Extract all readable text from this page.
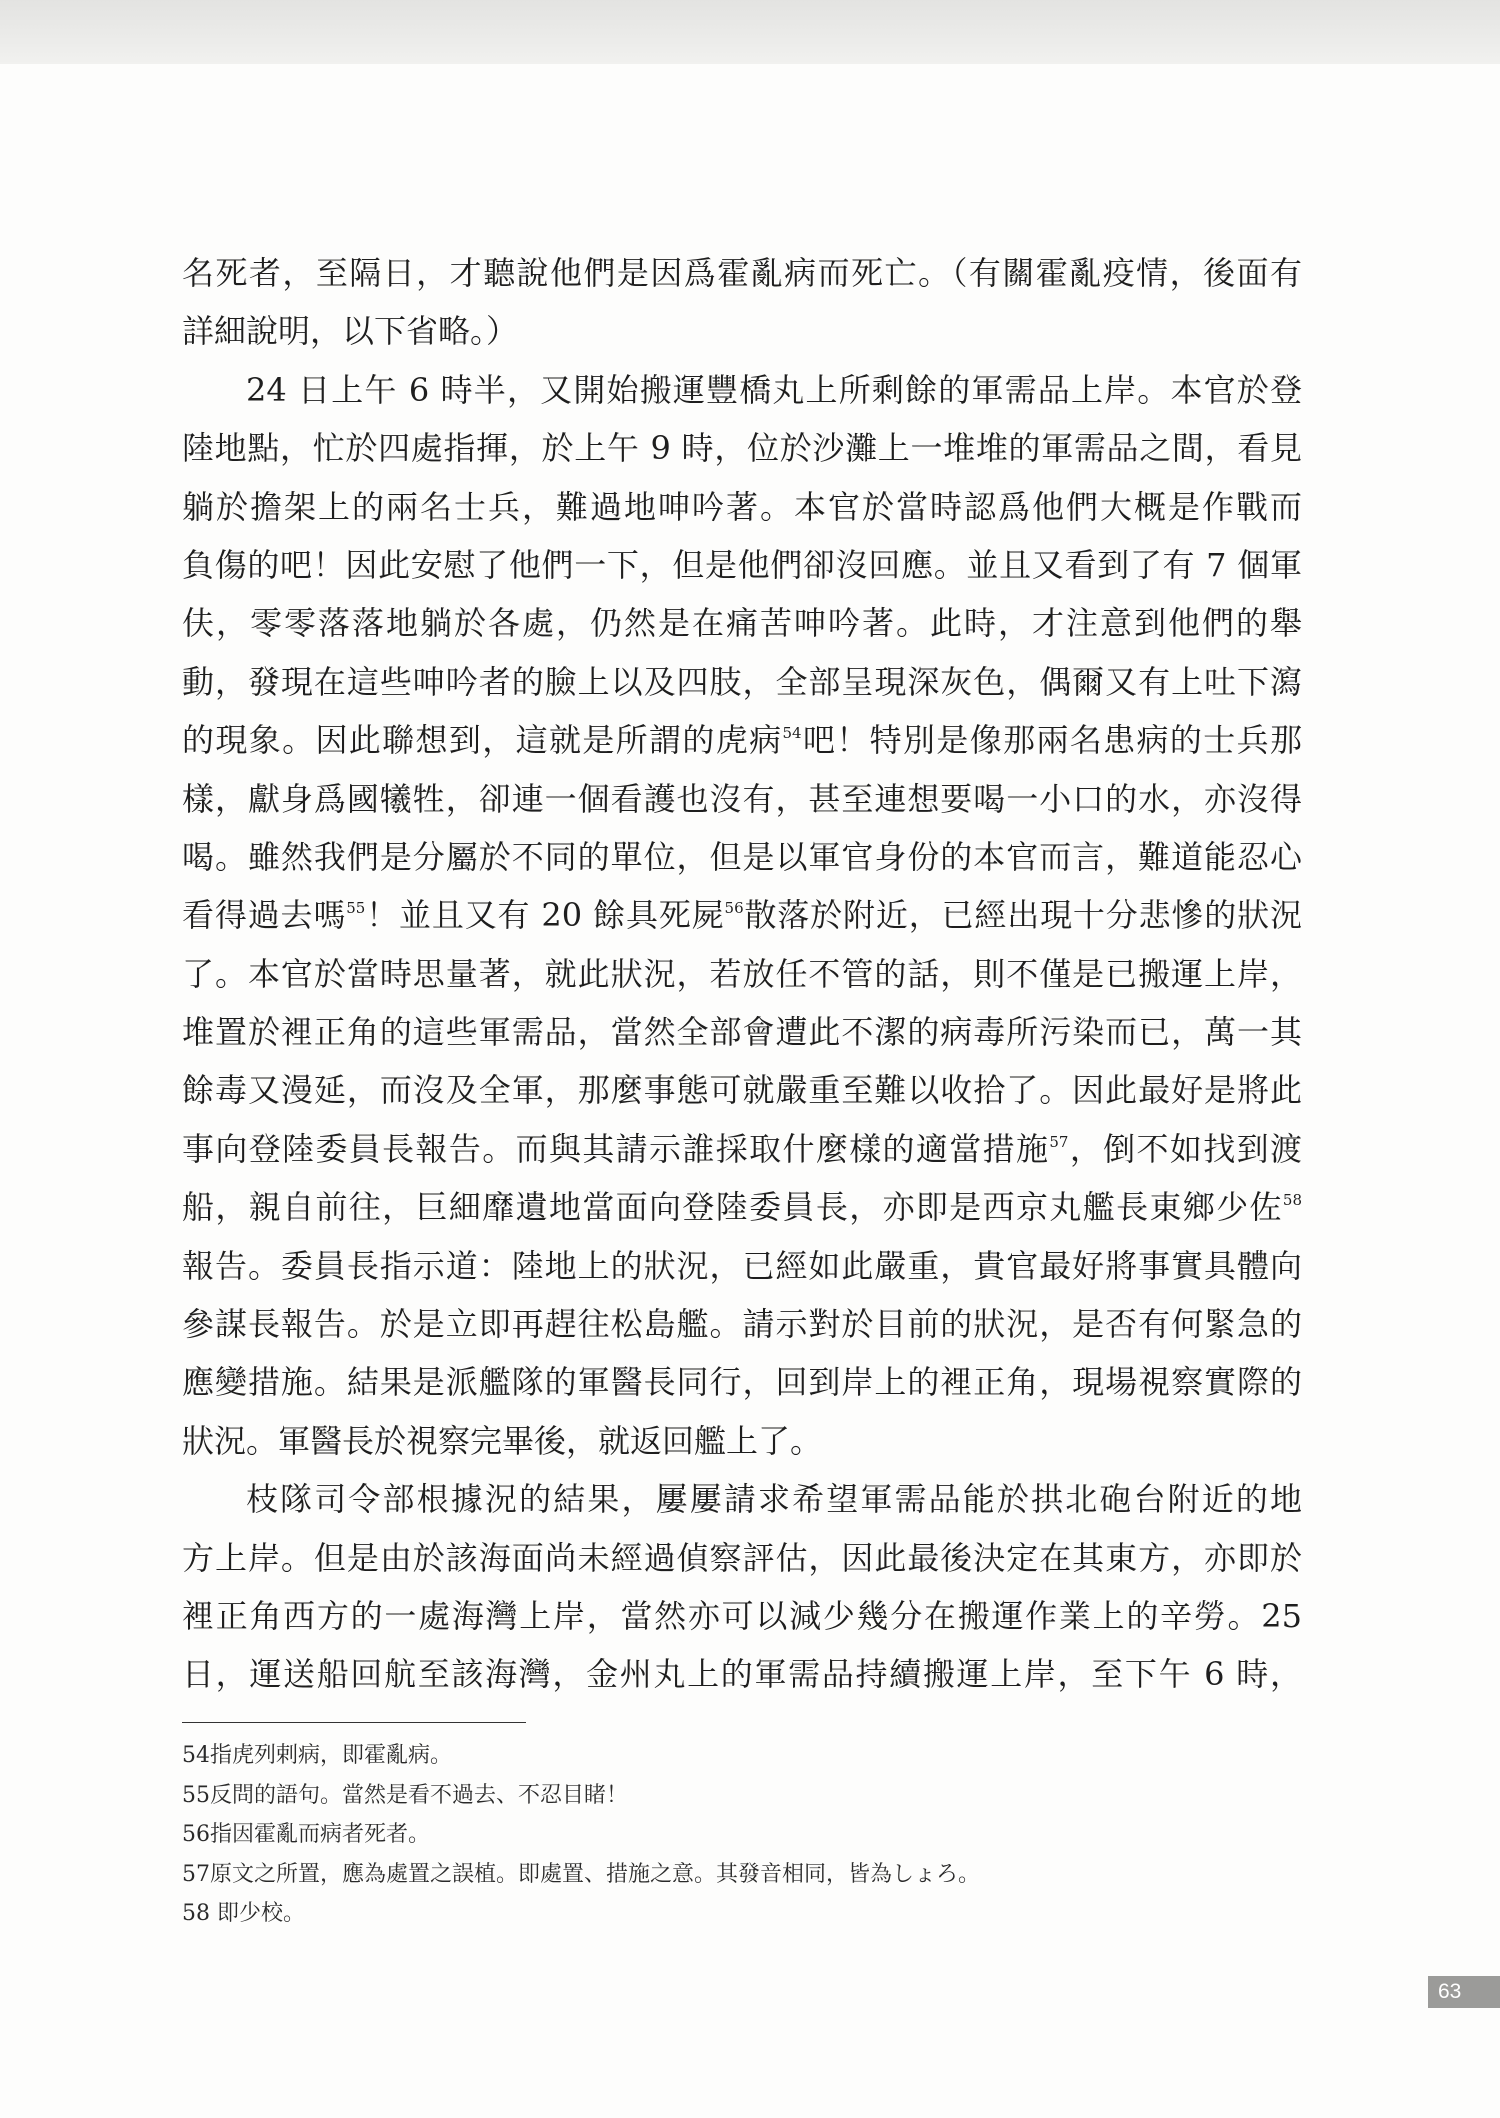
名死者，至隔日，才聽說他們是因爲霍亂病而死亡。（有關霍亂疫情，後面有
詳細說明，以下省略。）

24 日上午 6 時半，又開始搬運豐橋丸上所剩餘的軍需品上岸。本官於登
陸地點，忙於四處指揮，於上午 9 時，位於沙灘上一堆堆的軍需品之間，看見
躺於擔架上的兩名士兵，難過地呻吟著。本官於當時認爲他們大概是作戰而
負傷的吧！因此安慰了他們一下，但是他們卻沒回應。並且又看到了有 7 個軍
伕，零零落落地躺於各處，仍然是在痛苦呻吟著。此時，才注意到他們的舉
動，發現在這些呻吟者的臉上以及四肢，全部呈現深灰色，偶爾又有上吐下瀉
的現象。因此聯想到，這就是所謂的虎病$^{54}$吧！特別是像那兩名患病的士兵那
樣，獻身爲國犧牲，卻連一個看護也沒有，甚至連想要喝一小口的水，亦沒得
喝。雖然我們是分屬於不同的單位，但是以軍官身份的本官而言，難道能忍心
看得過去嗎$^{55}$！並且又有 20 餘具死屍$^{56}$散落於附近，已經出現十分悲慘的狀況
了。本官於當時思量著，就此狀況，若放任不管的話，則不僅是已搬運上岸，
堆置於裡正角的這些軍需品，當然全部會遭此不潔的病毒所污染而已，萬一其
餘毒又漫延，而沒及全軍，那麼事態可就嚴重至難以收拾了。因此最好是將此
事向登陸委員長報告。而與其請示誰採取什麼樣的適當措施$^{57}$，倒不如找到渡
船，親自前往，巨細靡遺地當面向登陸委員長，亦即是西京丸艦長東鄉少佐$^{58}$
報告。委員長指示道：陸地上的狀況，已經如此嚴重，貴官最好將事實具體向
參謀長報告。於是立即再趕往松島艦。請示對於目前的狀況，是否有何緊急的
應變措施。結果是派艦隊的軍醫長同行，回到岸上的裡正角，現場視察實際的
狀況。軍醫長於視察完畢後，就返回艦上了。

枝隊司令部根據況的結果，屢屢請求希望軍需品能於拱北砲台附近的地
方上岸。但是由於該海面尚未經過偵察評估，因此最後決定在其東方，亦即於
裡正角西方的一處海灣上岸，當然亦可以減少幾分在搬運作業上的辛勞。25
日，運送船回航至該海灣，金州丸上的軍需品持續搬運上岸，至下午 6 時，

54指虎列剌病，即霍亂病。
55反問的語句。當然是看不過去、不忍目睹！
56指因霍亂而病者死者。
57原文之所置，應為處置之誤植。即處置、措施之意。其發音相同，皆為しょろ。
58 即少校。
63
